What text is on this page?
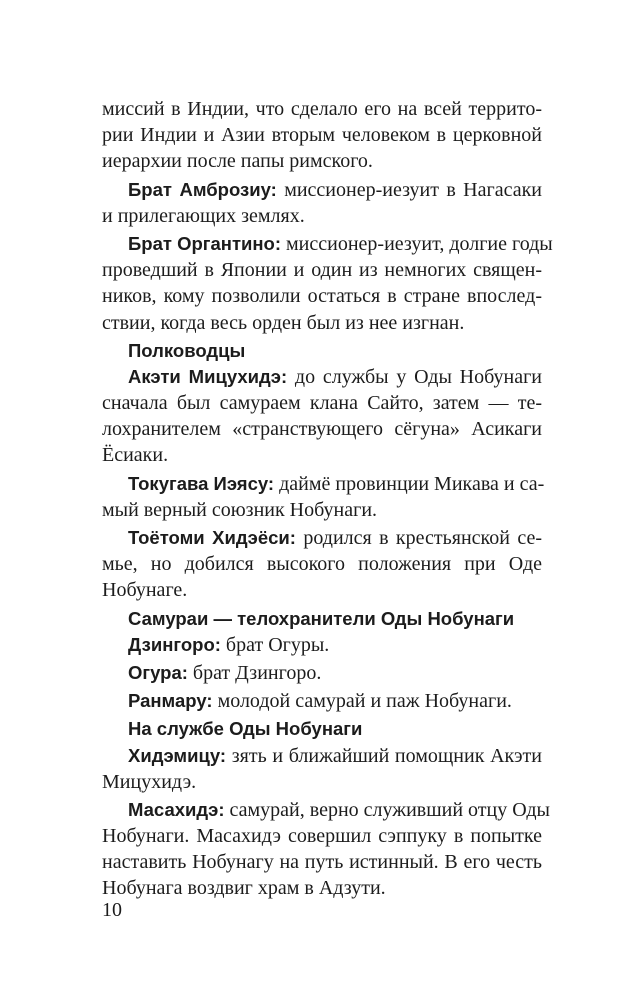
миссий в Индии, что сделало его на всей террито-
рии Индии и Азии вторым человеком в церковной
иерархии после папы римского.
Брат Амброзиу: миссионер-иезуит в Нагасаки
и прилегающих землях.
Брат Органтино: миссионер-иезуит, долгие годы
проведший в Японии и один из немногих священ-
ников, кому позволили остаться в стране впослед-
ствии, когда весь орден был из нее изгнан.
Полководцы
Акэти Мицухидэ: до службы у Оды Нобунаги
сначала был самураем клана Сайто, затем — те-
лохранителем «странствующего сёгуна» Асикаги
Ёсиаки.
Токугава Иэясу: даймё провинции Микава и са-
мый верный союзник Нобунаги.
Тоётоми Хидэёси: родился в крестьянской се-
мье, но добился высокого положения при Оде
Нобунаге.
Самураи — телохранители Оды Нобунаги
Дзингоро: брат Огуры.
Огура: брат Дзингоро.
Ранмару: молодой самурай и паж Нобунаги.
На службе Оды Нобунаги
Хидэмицу: зять и ближайший помощник Акэти
Мицухидэ.
Масахидэ: самурай, верно служивший отцу Оды
Нобунаги. Масахидэ совершил сэппуку в попытке
наставить Нобунагу на путь истинный. В его честь
Нобунага воздвиг храм в Адзути.
10
